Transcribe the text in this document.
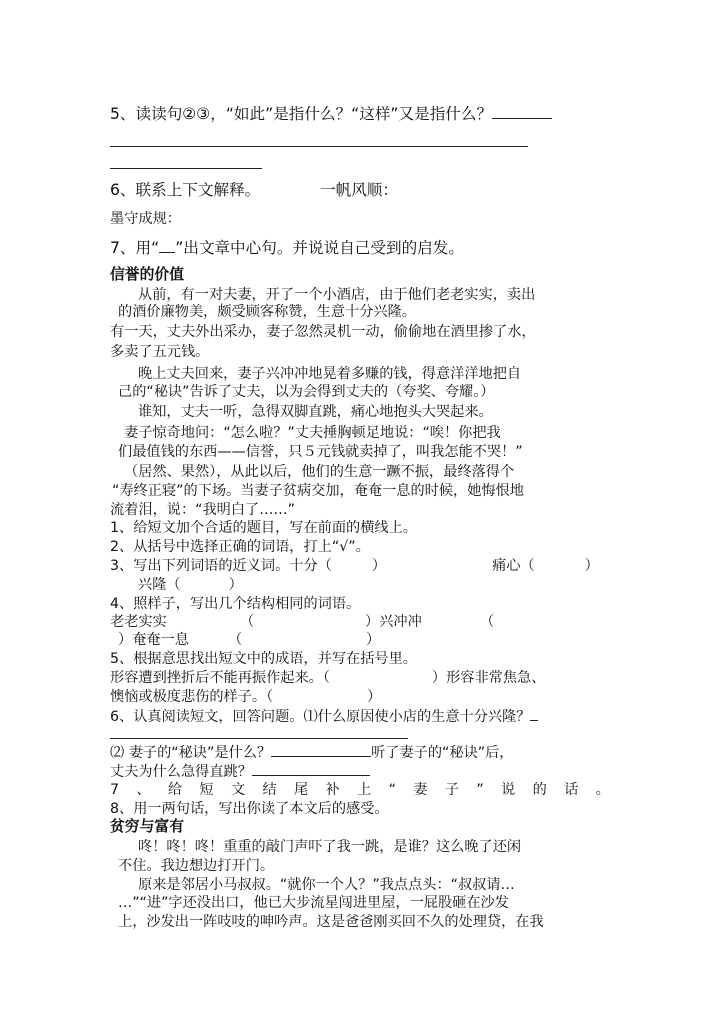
5、读读句②③，“如此”是指什么？“这样”又是指什么？
6、联系上下文解释。	一帆风顺：
墨守成规：
7、用“ ”出文章中心句。并说说自己受到的启发。
信誉的价值
从前，有一对夫妻，开了一个小酒店，由于他们老老实实，卖出
的酒价廉物美，颇受顾客称赞，生意十分兴隆。
有一天，丈夫外出采办，妻子忽然灵机一动，偷偷地在酒里掺了水，
多卖了五元钱。
晚上丈夫回来，妻子兴冲冲地晃着多赚的钱，得意洋洋地把自
己的“秘诀”告诉了丈夫，以为会得到丈夫的（夸奖、夸耀。）
谁知，丈夫一听，急得双脚直跳，痛心地抱头大哭起来。
妻子惊奇地问：“怎么啦？”丈夫捶胸顿足地说：“唉！你把我
们最值钱的东西——信誉，只５元钱就卖掉了，叫我怎能不哭！”
（居然、果然），从此以后，他们的生意一蹶不振，最终落得个
“寿终正寝”的下场。当妻子贫病交加，奄奄一息的时候，她悔恨地
流着泪，说：“我明白了……”
1、给短文加个合适的题目，写在前面的横线上。
2、从括号中选择正确的词语，打上“√”。
3、写出下列词语的近义词。十分（	）	痛心（	）
兴隆（	）
4、照样子，写出几个结构相同的词语。
老老实实	（	）兴冲冲	（
）奄奄一息	（	）
5、根据意思找出短文中的成语，并写在括号里。
形容遭到挫折后不能再振作起来。（	）形容非常焦急、
懊恼或极度悲伤的样子。（	）
6、认真阅读短文，回答问题。⑴什么原因使小店的生意十分兴隆？
⑵ 妻子的“秘诀”是什么？	听了妻子的“秘诀”后，
丈夫为什么急得直跳？
7 、 给 短 文 结 尾 补 上 “ 妻 子 ” 说 的 话 。
8、用一两句话，写出你读了本文后的感受。
贫穷与富有
咚！咚！咚！重重的敲门声吓了我一跳，是谁？这么晚了还闲
不住。我边想边打开门。
原来是邻居小马叔叔。“就你一个人？”我点点头：“叔叔请…
…”“进”字还没出口，他已大步流星闯进里屋，一屁股砸在沙发
上，沙发出一阵吱吱的呻吟声。这是爸爸刚买回不久的处理贷，在我
